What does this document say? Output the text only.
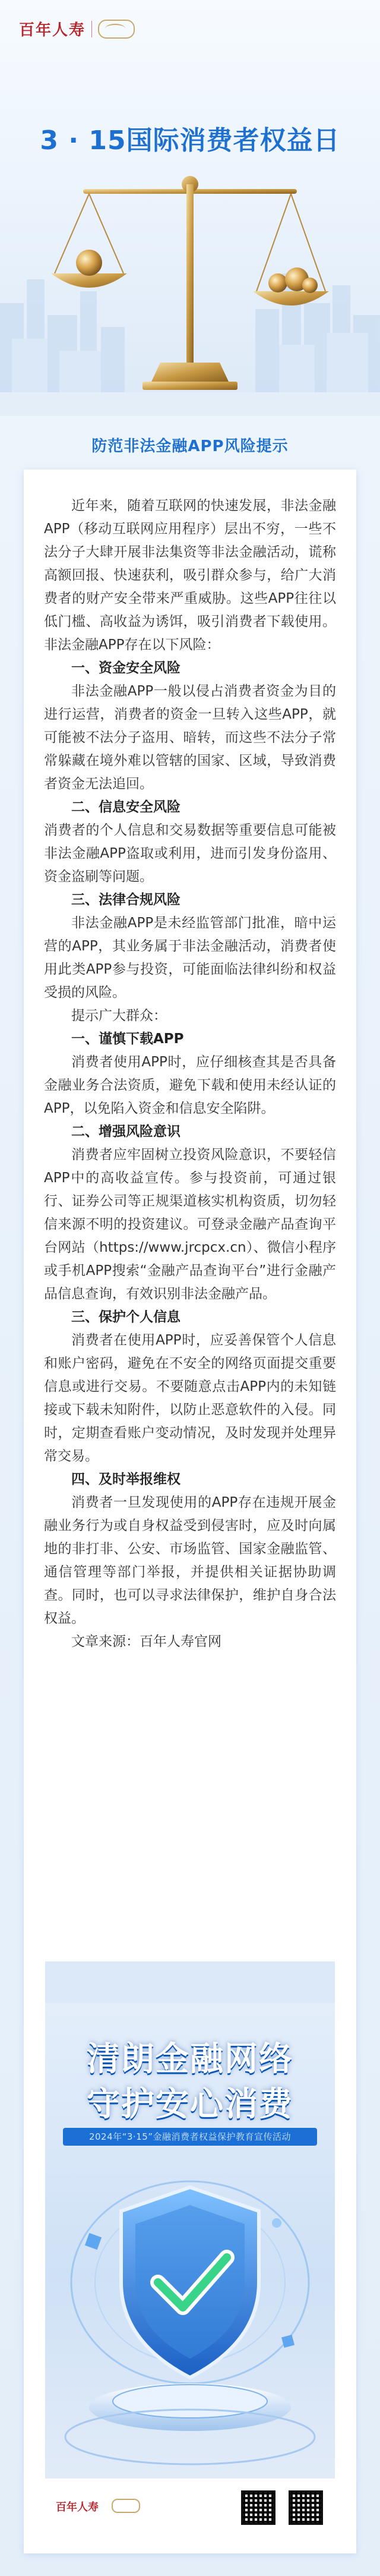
百年人寿
3 · 15国际消费者权益日
防范非法金融APP风险提示

近年来，随着互联网的快速发展，非法金融APP（移动互联网应用程序）层出不穷，一些不法分子大肆开展非法集资等非法金融活动，谎称高额回报、快速获利，吸引群众参与，给广大消费者的财产安全带来严重威胁。这些APP往往以低门槛、高收益为诱饵，吸引消费者下载使用。非法金融APP存在以下风险：

一、资金安全风险

非法金融APP一般以侵占消费者资金为目的进行运营，消费者的资金一旦转入这些APP，就可能被不法分子盗用、暗转，而这些不法分子常常躲藏在境外难以管辖的国家、区域，导致消费者资金无法追回。

二、信息安全风险

消费者的个人信息和交易数据等重要信息可能被非法金融APP盗取或利用，进而引发身份盗用、资金盗刷等问题。

三、法律合规风险

非法金融APP是未经监管部门批准，暗中运营的APP，其业务属于非法金融活动，消费者使用此类APP参与投资，可能面临法律纠纷和权益受损的风险。

提示广大群众：

一、谨慎下载APP

消费者使用APP时，应仔细核查其是否具备金融业务合法资质，避免下载和使用未经认证的APP，以免陷入资金和信息安全陷阱。

二、增强风险意识

消费者应牢固树立投资风险意识，不要轻信APP中的高收益宣传。参与投资前，可通过银行、证券公司等正规渠道核实机构资质，切勿轻信来源不明的投资建议。可登录金融产品查询平台网站（https://www.jrcpcx.cn）、微信小程序或手机APP搜索“金融产品查询平台”进行金融产品信息查询，有效识别非法金融产品。

三、保护个人信息

消费者在使用APP时，应妥善保管个人信息和账户密码，避免在不安全的网络页面提交重要信息或进行交易。不要随意点击APP内的未知链接或下载未知附件，以防止恶意软件的入侵。同时，定期查看账户变动情况，及时发现并处理异常交易。

四、及时举报维权

消费者一旦发现使用的APP存在违规开展金融业务行为或自身权益受到侵害时，应及时向属地的非打非、公安、市场监管、国家金融监管、通信管理等部门举报，并提供相关证据协助调查。同时，也可以寻求法律保护，维护自身合法权益。

文章来源：百年人寿官网

清朗金融网络
守护安心消费
2024年“3·15”金融消费者权益保护教育宣传活动
百年人寿
